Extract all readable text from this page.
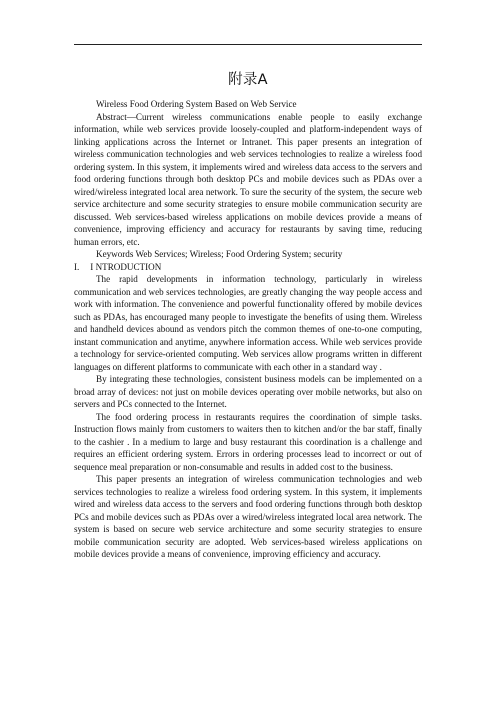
附录A

Wireless Food Ordering System Based on Web Service

Abstract—Current wireless communications enable people to easily exchange information, while web services provide loosely-coupled and platform-independent ways of linking applications across the Internet or Intranet. This paper presents an integration of wireless communication technologies and web services technologies to realize a wireless food ordering system. In this system, it implements wired and wireless data access to the servers and food ordering functions through both desktop PCs and mobile devices such as PDAs over a wired/wireless integrated local area network. To sure the security of the system, the secure web service architecture and some security strategies to ensure mobile communication security are discussed. Web services-based wireless applications on mobile devices provide a means of convenience, improving efficiency and accuracy for restaurants by saving time, reducing human errors, etc.

Keywords Web Services; Wireless; Food Ordering System; security

I. I NTRODUCTION

The rapid developments in information technology, particularly in wireless communication and web services technologies, are greatly changing the way people access and work with information. The convenience and powerful functionality offered by mobile devices such as PDAs, has encouraged many people to investigate the benefits of using them. Wireless and handheld devices abound as vendors pitch the common themes of one-to-one computing, instant communication and anytime, anywhere information access. While web services provide a technology for service-oriented computing. Web services allow programs written in different languages on different platforms to communicate with each other in a standard way .

By integrating these technologies, consistent business models can be implemented on a broad array of devices: not just on mobile devices operating over mobile networks, but also on servers and PCs connected to the Internet.

The food ordering process in restaurants requires the coordination of simple tasks. Instruction flows mainly from customers to waiters then to kitchen and/or the bar staff, finally to the cashier . In a medium to large and busy restaurant this coordination is a challenge and requires an efficient ordering system. Errors in ordering processes lead to incorrect or out of sequence meal preparation or non-consumable and results in added cost to the business.

This paper presents an integration of wireless communication technologies and web services technologies to realize a wireless food ordering system. In this system, it implements wired and wireless data access to the servers and food ordering functions through both desktop PCs and mobile devices such as PDAs over a wired/wireless integrated local area network. The system is based on secure web service architecture and some security strategies to ensure mobile communication security are adopted. Web services-based wireless applications on mobile devices provide a means of convenience, improving efficiency and accuracy.
